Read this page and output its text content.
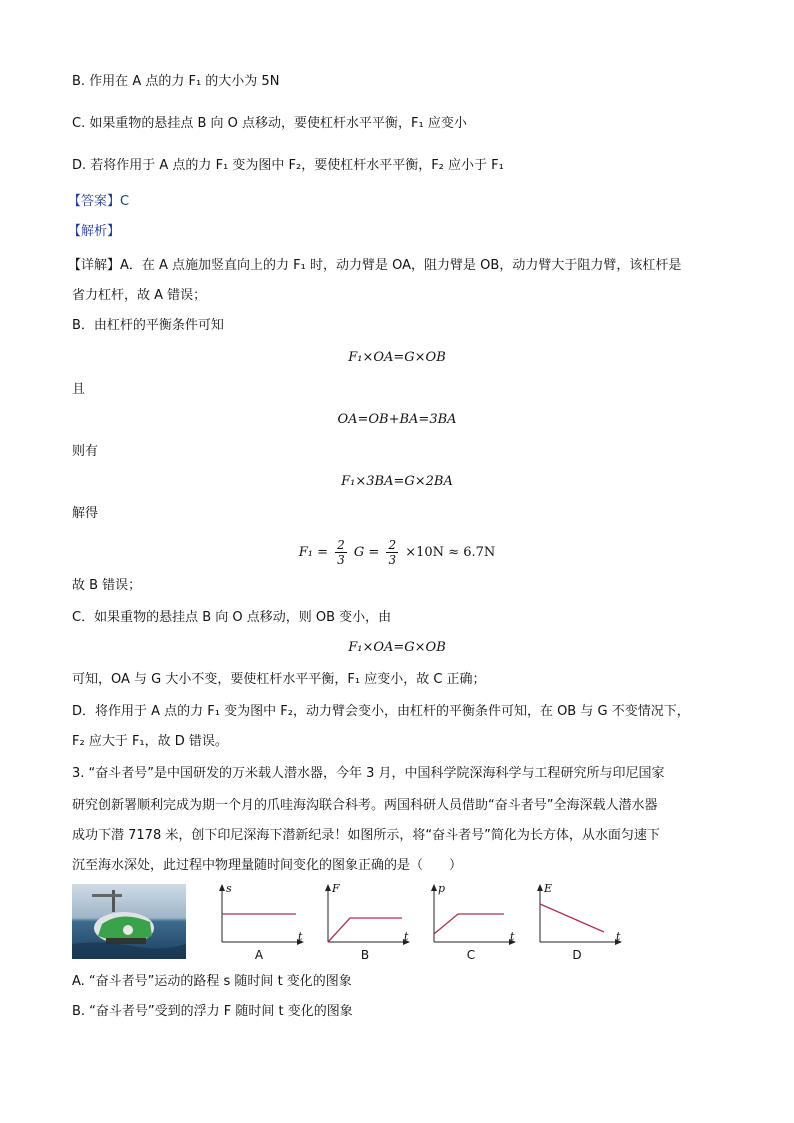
B. 作用在 A 点的力 F₁ 的大小为 5N
C. 如果重物的悬挂点 B 向 O 点移动，要使杠杆水平平衡，F₁ 应变小
D. 若将作用于 A 点的力 F₁ 变为图中 F₂，要使杠杆水平平衡，F₂ 应小于 F₁
【答案】C
【解析】
【详解】A．在 A 点施加竖直向上的力 F₁ 时，动力臂是 OA，阻力臂是 OB，动力臂大于阻力臂，该杠杆是
省力杠杆，故 A 错误；
B．由杠杆的平衡条件可知
F₁×OA=G×OB
且
OA=OB+BA=3BA
则有
F₁×3BA=G×2BA
解得
$F_1 = \frac{2}{3}$ $G = \frac{2}{3} \times 10N \approx 6.7N$
故 B 错误；
C．如果重物的悬挂点 B 向 O 点移动，则 OB 变小，由
F₁×OA=G×OB
可知，OA 与 G 大小不变，要使杠杆水平平衡，F₁ 应变小，故 C 正确；
D．将作用于 A 点的力 F₁ 变为图中 F₂，动力臂会变小，由杠杆的平衡条件可知，在 OB 与 G 不变情况下，
F₂ 应大于 F₁，故 D 错误。
3. “奋斗者号”是中国研发的万米载人潜水器，今年 3 月，中国科学院深海科学与工程研究所与印尼国家
研究创新署顺利完成为期一个月的爪哇海沟联合科考。两国科研人员借助“奋斗者号”全海深载人潜水器
成功下潜 7178 米，创下印尼深海下潜新纪录！如图所示，将“奋斗者号”简化为长方体，从水面匀速下
沉至海水深处，此过程中物理量随时间变化的图象正确的是（　　）
s
t
A
F
t
B
p
t
C
E
t
D
A. “奋斗者号”运动的路程 s 随时间 t 变化的图象
B. “奋斗者号”受到的浮力 F 随时间 t 变化的图象
